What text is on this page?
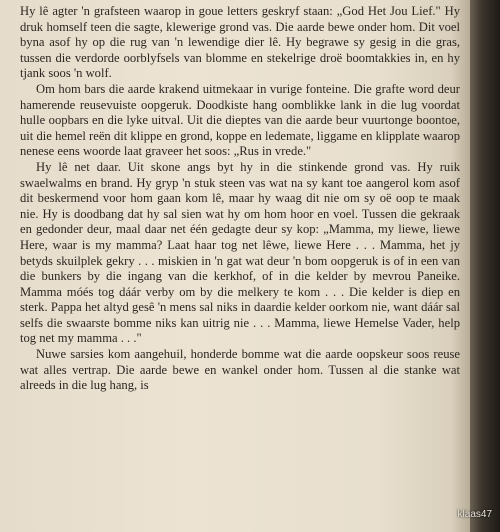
Hy lê agter 'n grafsteen waarop in goue letters geskryf staan: „God Het Jou Lief." Hy druk homself teen die sagte, klewerige grond vas. Die aarde bewe onder hom. Dit voel byna asof hy op die rug van 'n lewendige dier lê. Hy begrawe sy gesig in die gras, tussen die verdorde oorblyfsels van blomme en stekelrige droë boomtakkies in, en hy tjank soos 'n wolf.

Om hom bars die aarde krakend uitmekaar in vurige fonteine. Die grafte word deur hamerende reusevuiste oopgeruk. Doodkiste hang oomblikke lank in die lug voordat hulle oopbars en die lyke uitval. Uit die dieptes van die aarde beur vuurtonge boontoe, uit die hemel reën dit klippe en grond, koppe en ledemate, liggame en klipplate waarop nenese eens woorde laat graveer het soos: „Rus in vrede."

Hy lê net daar. Uit skone angs byt hy in die stinkende grond vas. Hy ruik swaelwalms en brand. Hy gryp 'n stuk steen vas wat na sy kant toe aangerol kom asof dit beskermend voor hom gaan kom lê, maar hy waag dit nie om sy oë oop te maak nie. Hy is doodbang dat hy sal sien wat hy om hom hoor en voel. Tussen die gekraak en gedonder deur, maal daar net één gedagte deur sy kop: „Mamma, my liewe, liewe Here, waar is my mamma? Laat haar tog net lêwe, liewe Here . . . Mamma, het jy betyds skuilplek gekry . . . miskien in 'n gat wat deur 'n bom oopgeruk is of in een van die bunkers by die ingang van die kerkhof, of in die kelder by mevrou Paneike. Mamma móés tog dáár verby om by die melkery te kom . . . Die kelder is diep en sterk. Pappa het altyd gesê 'n mens sal niks in daardie kelder oorkom nie, want dáár sal selfs die swaarste bomme niks kan uitrig nie . . . Mamma, liewe Hemelse Vader, help tog net my mamma . . ."

Nuwe sarsies kom aangehuil, honderde bomme wat die aarde oopskeur soos reuse wat alles vertrap. Die aarde bewe en wankel onder hom. Tussen al die stanke wat alreeds in die lug hang, is

klaas47
